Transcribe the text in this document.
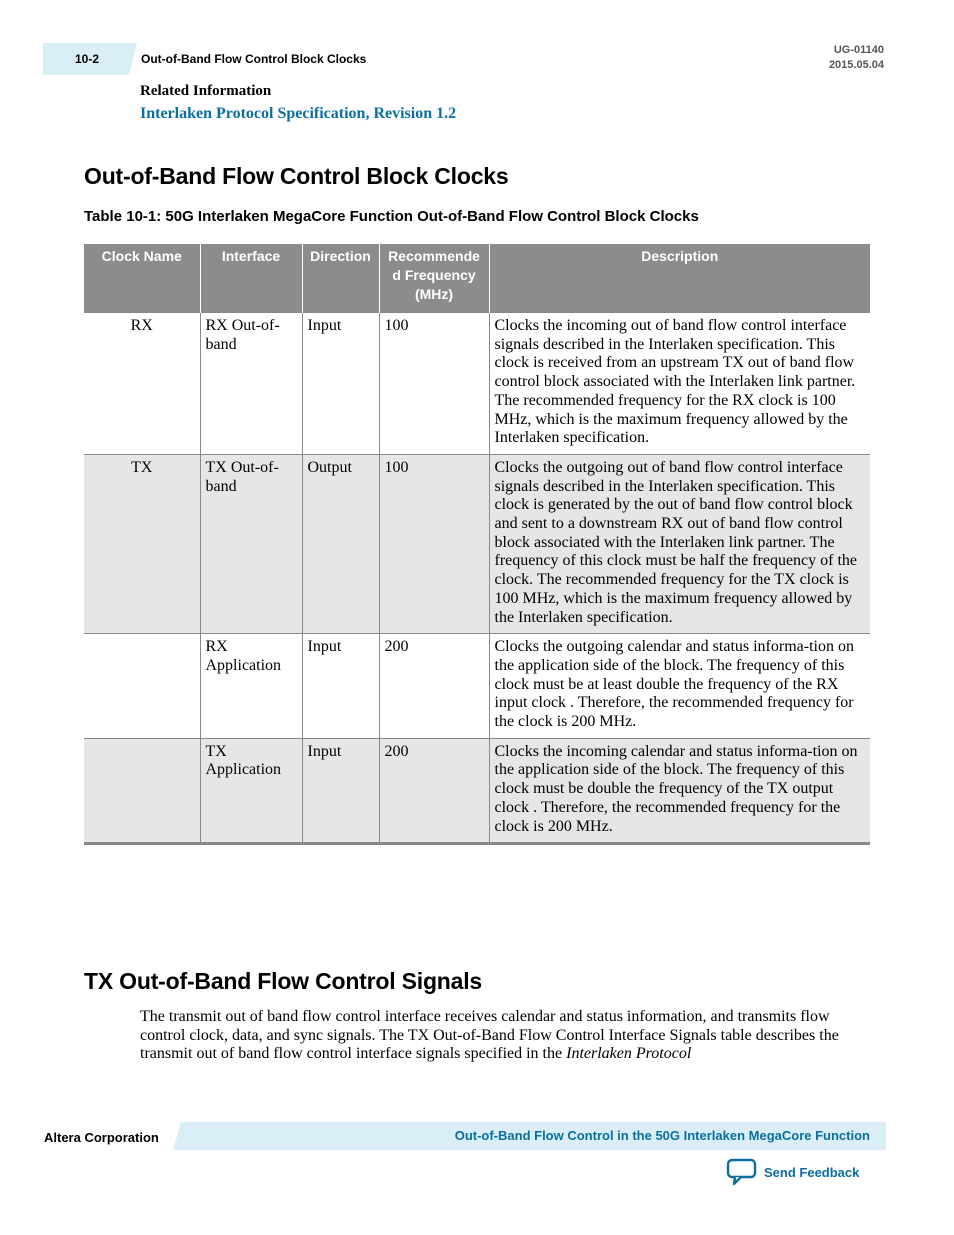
10-2	Out-of-Band Flow Control Block Clocks
UG-01140
2015.05.04
Related Information
Interlaken Protocol Specification, Revision 1.2
Out-of-Band Flow Control Block Clocks
Table 10-1: 50G Interlaken MegaCore Function Out-of-Band Flow Control Block Clocks
Clock Name	Interface	Direction	Recommende d Frequency (MHz)	Description
RX	RX Out-of-band	Input	100	Clocks the incoming out of band flow control interface signals described in the Interlaken specification. This clock is received from an upstream TX out of band flow control block associated with the Interlaken link partner. The recommended frequency for the RX clock is 100 MHz, which is the maximum frequency allowed by the Interlaken specification.
TX	TX Out-of-band	Output	100	Clocks the outgoing out of band flow control interface signals described in the Interlaken specification. This clock is generated by the out of band flow control block and sent to a downstream RX out of band flow control block associated with the Interlaken link partner. The frequency of this clock must be half the frequency of the clock. The recommended frequency for the TX clock is 100 MHz, which is the maximum frequency allowed by the Interlaken specification.
	RX Application	Input	200	Clocks the outgoing calendar and status informa-tion on the application side of the block. The frequency of this clock must be at least double the frequency of the RX input clock . Therefore, the recommended frequency for the clock is 200 MHz.
	TX Application	Input	200	Clocks the incoming calendar and status informa-tion on the application side of the block. The frequency of this clock must be double the frequency of the TX output clock . Therefore, the recommended frequency for the clock is 200 MHz.
TX Out-of-Band Flow Control Signals

The transmit out of band flow control interface receives calendar and status information, and transmits flow control clock, data, and sync signals. The TX Out-of-Band Flow Control Interface Signals table describes the transmit out of band flow control interface signals specified in the Interlaken Protocol

Altera Corporation	Out-of-Band Flow Control in the 50G Interlaken MegaCore Function
Send Feedback
